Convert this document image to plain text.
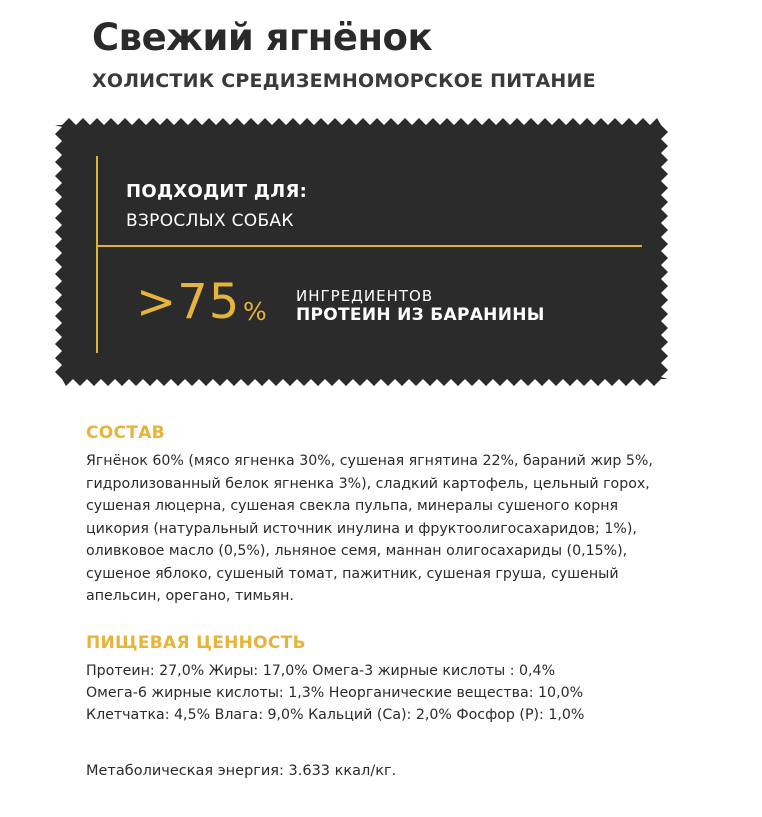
Свежий ягнёнок
ХОЛИСТИК СРЕДИЗЕМНОМОРСКОЕ ПИТАНИЕ
ПОДХОДИТ ДЛЯ:
ВЗРОСЛЫХ СОБАК
>75 %
ИНГРЕДИЕНТОВ
ПРОТЕИН ИЗ БАРАНИНЫ
СОСТАВ
Ягнёнок 60% (мясо ягненка 30%, сушеная ягнятина 22%, бараний жир 5%,
гидролизованный белок ягненка 3%), сладкий картофель, цельный горох,
сушеная люцерна, сушеная свекла пульпа, минералы сушеного корня
цикория (натуральный источник инулина и фруктоолигосахаридов; 1%),
оливковое масло (0,5%), льняное семя, маннан олигосахариды (0,15%),
сушеное яблоко, сушеный томат, пажитник, сушеная груша, сушеный
апельсин, орегано, тимьян.
ПИЩЕВАЯ ЦЕННОСТЬ
Протеин: 27,0% Жиры: 17,0% Омега-3 жирные кислоты : 0,4%
Омега-6 жирные кислоты: 1,3% Неорганические вещества: 10,0%
Клетчатка: 4,5% Влага: 9,0% Кальций (Ca): 2,0% Фосфор (P): 1,0%
Метаболическая энергия: 3.633 ккал/кг.
